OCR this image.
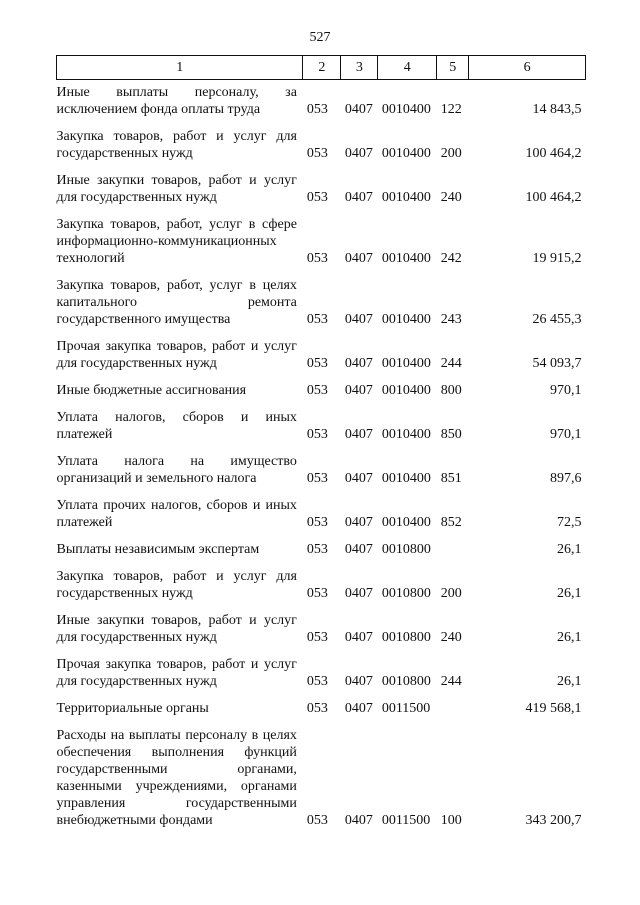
527
1	2	3	4	5	6
Иные выплаты персоналу, за исключением фонда оплаты труда	053	0407	0010400	122	14 843,5
Закупка товаров, работ и услуг для государственных нужд	053	0407	0010400	200	100 464,2
Иные закупки товаров, работ и услуг для государственных нужд	053	0407	0010400	240	100 464,2
Закупка товаров, работ, услуг в сфере информационно-коммуникационных технологий	053	0407	0010400	242	19 915,2
Закупка товаров, работ, услуг в целях капитального ремонта государственного имущества	053	0407	0010400	243	26 455,3
Прочая закупка товаров, работ и услуг для государственных нужд	053	0407	0010400	244	54 093,7
Иные бюджетные ассигнования	053	0407	0010400	800	970,1
Уплата налогов, сборов и иных платежей	053	0407	0010400	850	970,1
Уплата налога на имущество организаций и земельного налога	053	0407	0010400	851	897,6
Уплата прочих налогов, сборов и иных платежей	053	0407	0010400	852	72,5
Выплаты независимым экспертам	053	0407	0010800		26,1
Закупка товаров, работ и услуг для государственных нужд	053	0407	0010800	200	26,1
Иные закупки товаров, работ и услуг для государственных нужд	053	0407	0010800	240	26,1
Прочая закупка товаров, работ и услуг для государственных нужд	053	0407	0010800	244	26,1
Территориальные органы	053	0407	0011500		419 568,1
Расходы на выплаты персоналу в целях обеспечения выполнения функций государственными органами, казенными учреждениями, органами управления государственными внебюджетными фондами	053	0407	0011500	100	343 200,7
